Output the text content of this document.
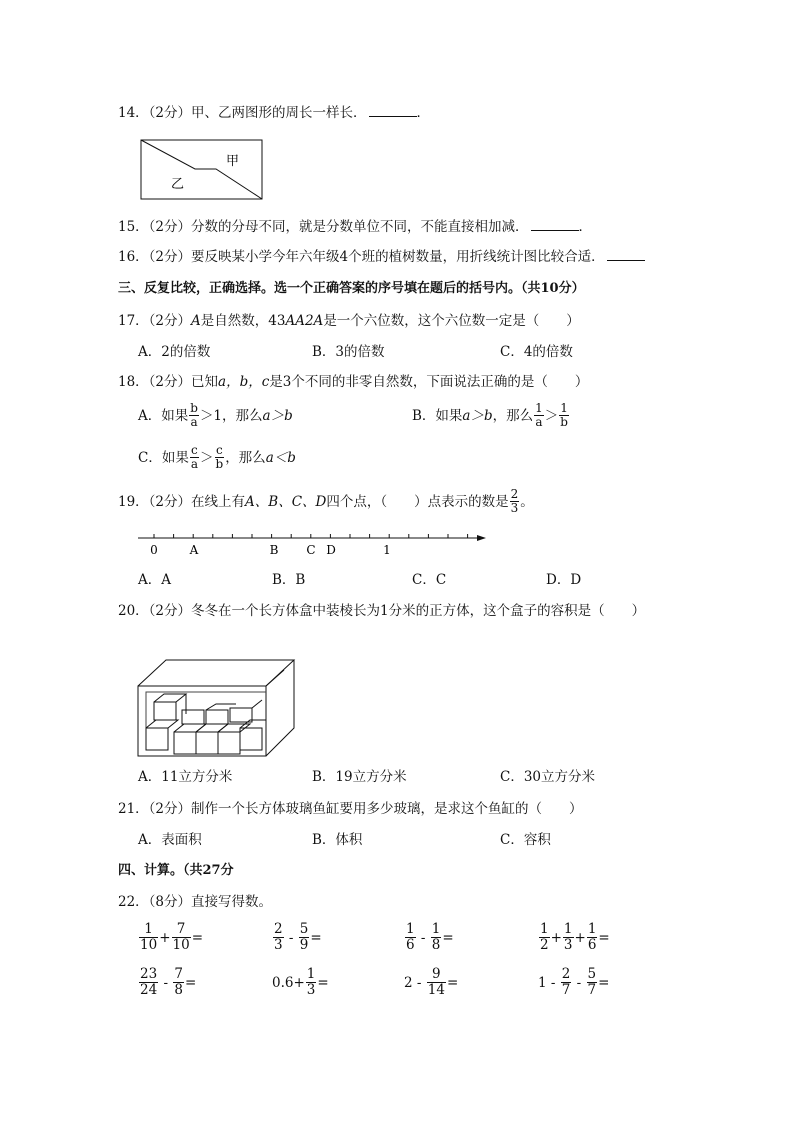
14．（2分）甲、乙两图形的周长一样长．	．
甲
乙
15．（2分）分数的分母不同，就是分数单位不同，不能直接相加减．	．
16．（2分）要反映某小学今年六年级4个班的植树数量，用折线统计图比较合适．
三、反复比较，正确选择。选一个正确答案的序号填在题后的括号内。（共10分）
17．（2分）A是自然数，43AA2A是一个六位数，这个六位数一定是（　　）
A．2的倍数	B．3的倍数	C．4的倍数
18．（2分）已知a，b，c是3个不同的非零自然数，下面说法正确的是（　　）
A．如果 $\frac{b}{a} >1$，那么 a＞b	B．如果 a＞b ，那么 $\frac{1}{a} > \frac{1}{b}$
C．如果 $\frac{c}{a} > \frac{c}{b}$ ，那么 a＜b
19．（2分）在线上有 A、B、C、D 四个点，（　　）点表示的数是 $\frac{2}{3}$ 。
0	A	B C D	1
A．A	B．B	C．C	D．D
20．（2分）冬冬在一个长方体盒中装棱长为1分米的正方体，这个盒子的容积是（　　）
A．11立方分米	B．19立方分米	C．30立方分米
21．（2分）制作一个长方体玻璃鱼缸要用多少玻璃，是求这个鱼缸的（　　）
A．表面积	B．体积	C．容积
四、计算。（共27分
22．（8分）直接写得数。
$\frac{1}{10} + \frac{7}{10}$ =	$\frac{2}{3} - \frac{5}{9}$ =	$\frac{1}{6} - \frac{1}{8}$ =	$\frac{1}{2} + \frac{1}{3} + \frac{1}{6}$ =
$\frac{23}{24} - \frac{7}{8}$ =	$0.6 + \frac{1}{3}$ =	$2 - \frac{9}{14}$ =	$1 - \frac{2}{7} - \frac{5}{7}$ =
